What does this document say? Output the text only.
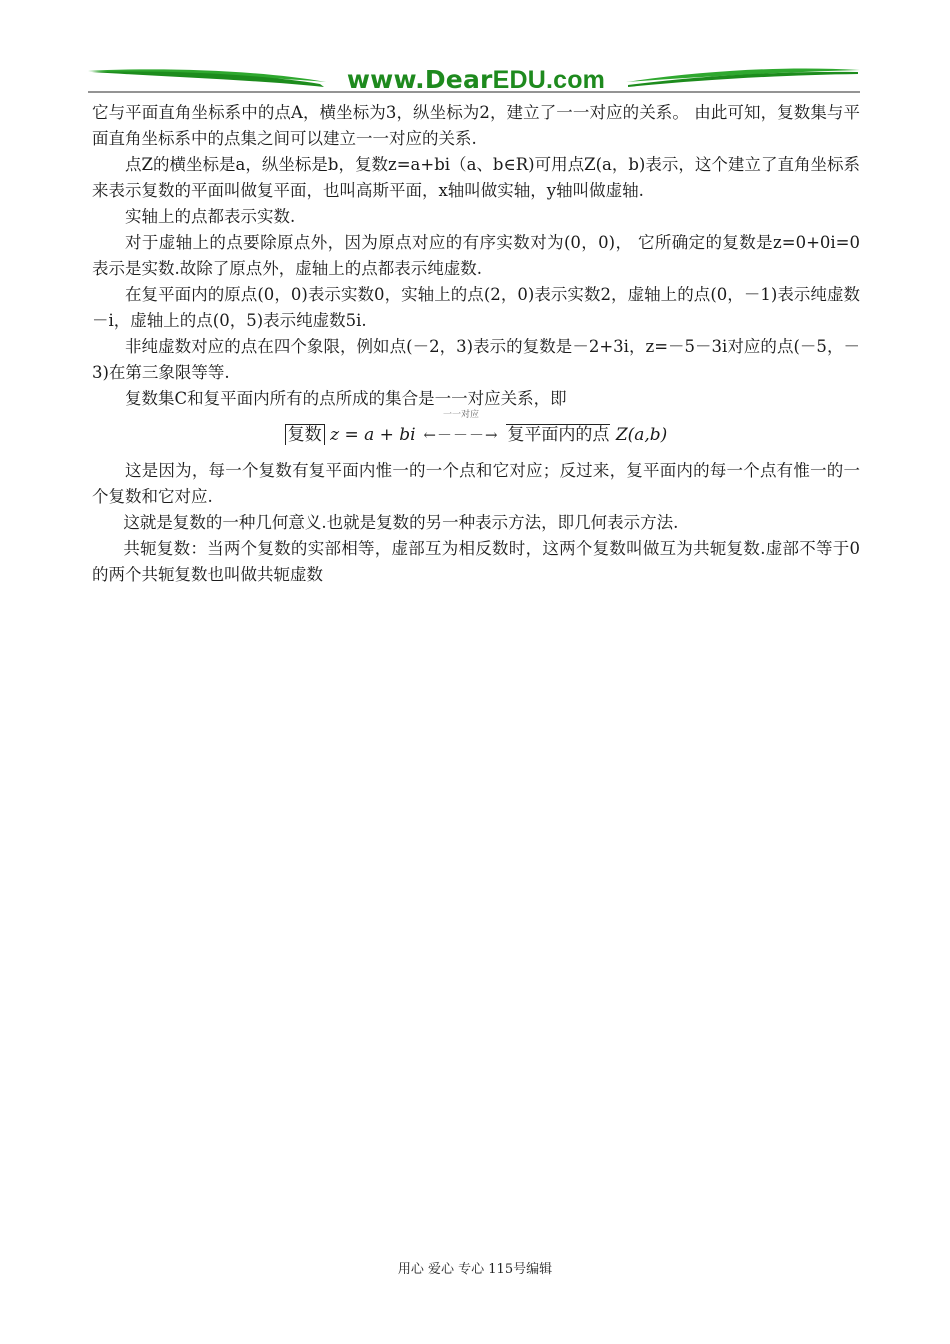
www.DearEDU.com

它与平面直角坐标系中的点A，横坐标为3，纵坐标为2，建立了一一对应的关系。 由此可知，复数集与平面直角坐标系中的点集之间可以建立一一对应的关系.

点Z的横坐标是a，纵坐标是b，复数z=a+bi（a、b∈R)可用点Z(a，b)表示，这个建立了直角坐标系来表示复数的平面叫做复平面，也叫高斯平面，x轴叫做实轴，y轴叫做虚轴.

实轴上的点都表示实数.

对于虚轴上的点要除原点外，因为原点对应的有序实数对为(0，0)， 它所确定的复数是z=0+0i=0表示是实数.故除了原点外，虚轴上的点都表示纯虚数.

在复平面内的原点(0，0)表示实数0，实轴上的点(2，0)表示实数2，虚轴上的点(0，－1)表示纯虚数－i，虚轴上的点(0，5)表示纯虚数5i.

非纯虚数对应的点在四个象限，例如点(－2，3)表示的复数是－2+3i，z=－5－3i对应的点(－5，－3)在第三象限等等.

复数集C和复平面内所有的点所成的集合是一一对应关系，即

复数 z = a + bi
一一对应
←－－－→ 复平面内的点 Z(a,b)

这是因为，每一个复数有复平面内惟一的一个点和它对应；反过来，复平面内的每一个点有惟一的一个复数和它对应.

这就是复数的一种几何意义.也就是复数的另一种表示方法，即几何表示方法.

共轭复数：当两个复数的实部相等，虚部互为相反数时，这两个复数叫做互为共轭复数.虚部不等于0的两个共轭复数也叫做共轭虚数

用心 爱心 专心 115号编辑
